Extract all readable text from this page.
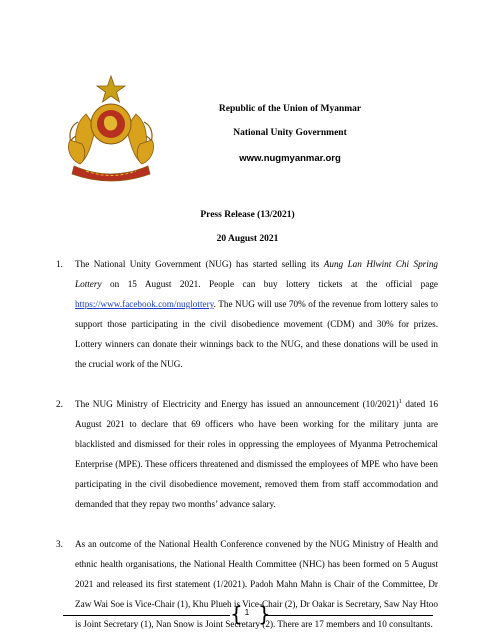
Republic of the Union of Myanmar
National Unity Government
www.nugmyanmar.org
Press Release (13/2021)
20 August 2021
1. The National Unity Government (NUG) has started selling its Aung Lan Hlwint Chi Spring Lottery on 15 August 2021. People can buy lottery tickets at the official page https://www.facebook.com/nuglottery. The NUG will use 70% of the revenue from lottery sales to support those participating in the civil disobedience movement (CDM) and 30% for prizes. Lottery winners can donate their winnings back to the NUG, and these donations will be used in the crucial work of the NUG.
2. The NUG Ministry of Electricity and Energy has issued an announcement $(10/2021)^1$ dated 16 August 2021 to declare that 69 officers who have been working for the military junta are blacklisted and dismissed for their roles in oppressing the employees of Myanma Petrochemical Enterprise (MPE). These officers threatened and dismissed the employees of MPE who have been participating in the civil disobedience movement, removed them from staff accommodation and demanded that they repay two months’ advance salary.
3. As an outcome of the National Health Conference convened by the NUG Ministry of Health and ethnic health organisations, the National Health Committee (NHC) has been formed on 5 August 2021 and released its first statement (1/2021). Padoh Mahn Mahn is Chair of the Committee, Dr Zaw Wai Soe is Vice-Chair (1), Khu Plueh is Vice-Chair (2), Dr Oakar is Secretary, Saw Nay Htoo is Joint Secretary (1), Nan Snow is Joint Secretary (2). There are 17 members and 10 consultants.
{ }
1
